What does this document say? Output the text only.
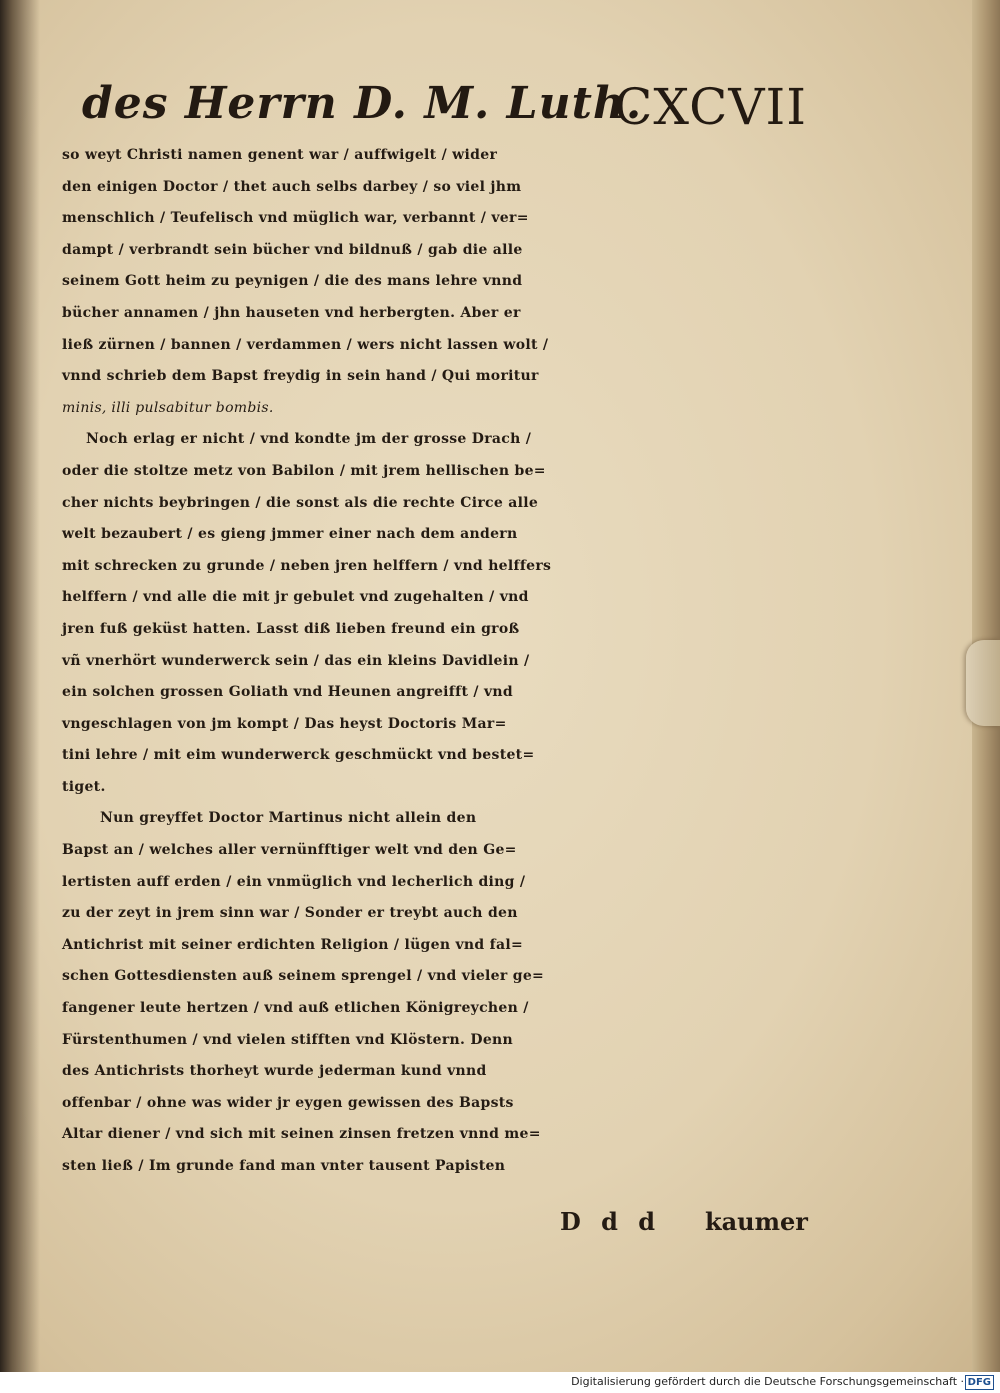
des Herrn D. M. Luth.
CXCVII
so weyt Christi namen genent war / auffwigelt / wider
den einigen Doctor / thet auch selbs darbey / so viel jhm
menschlich / Teufelisch vnd müglich war, verbannt / ver=
dampt / verbrandt sein bücher vnd bildnuß / gab die alle
seinem Gott heim zu peynigen / die des mans lehre vnnd
bücher annamen / jhn hauseten vnd herbergten. Aber er
ließ zürnen / bannen / verdammen / wers nicht lassen wolt /
vnnd schrieb dem Bapst freydig in sein hand / Qui moritur
minis, illi pulsabitur bombis.
Noch erlag er nicht / vnd kondte jm der grosse Drach /
oder die stoltze metz von Babilon / mit jrem hellischen be=
cher nichts beybringen / die sonst als die rechte Circe alle
welt bezaubert / es gieng jmmer einer nach dem andern
mit schrecken zu grunde / neben jren helffern / vnd helffers
helffern / vnd alle die mit jr gebulet vnd zugehalten / vnd
jren fuß geküst hatten. Lasst diß lieben freund ein groß
vñ vnerhört wunderwerck sein / das ein kleins Davidlein /
ein solchen grossen Goliath vnd Heunen angreifft / vnd
vngeschlagen von jm kompt / Das heyst Doctoris Mar=
tini lehre / mit eim wunderwerck geschmückt vnd bestet=
tiget.
Nun greyffet Doctor Martinus nicht allein den
Bapst an / welches aller vernünfftiger welt vnd den Ge=
lertisten auff erden / ein vnmüglich vnd lecherlich ding /
zu der zeyt in jrem sinn war / Sonder er treybt auch den
Antichrist mit seiner erdichten Religion / lügen vnd fal=
schen Gottesdiensten auß seinem sprengel / vnd vieler ge=
fangener leute hertzen / vnd auß etlichen Königreychen /
Fürstenthumen / vnd vielen stifften vnd Klöstern. Denn
des Antichrists thorheyt wurde jederman kund vnnd
offenbar / ohne was wider jr eygen gewissen des Bapsts
Altar diener / vnd sich mit seinen zinsen fretzen vnnd me=
sten ließ / Im grunde fand man vnter tausent Papisten
D d d kaumer
Digitalisierung gefördert durch die Deutsche Forschungsgemeinschaft · DFG
